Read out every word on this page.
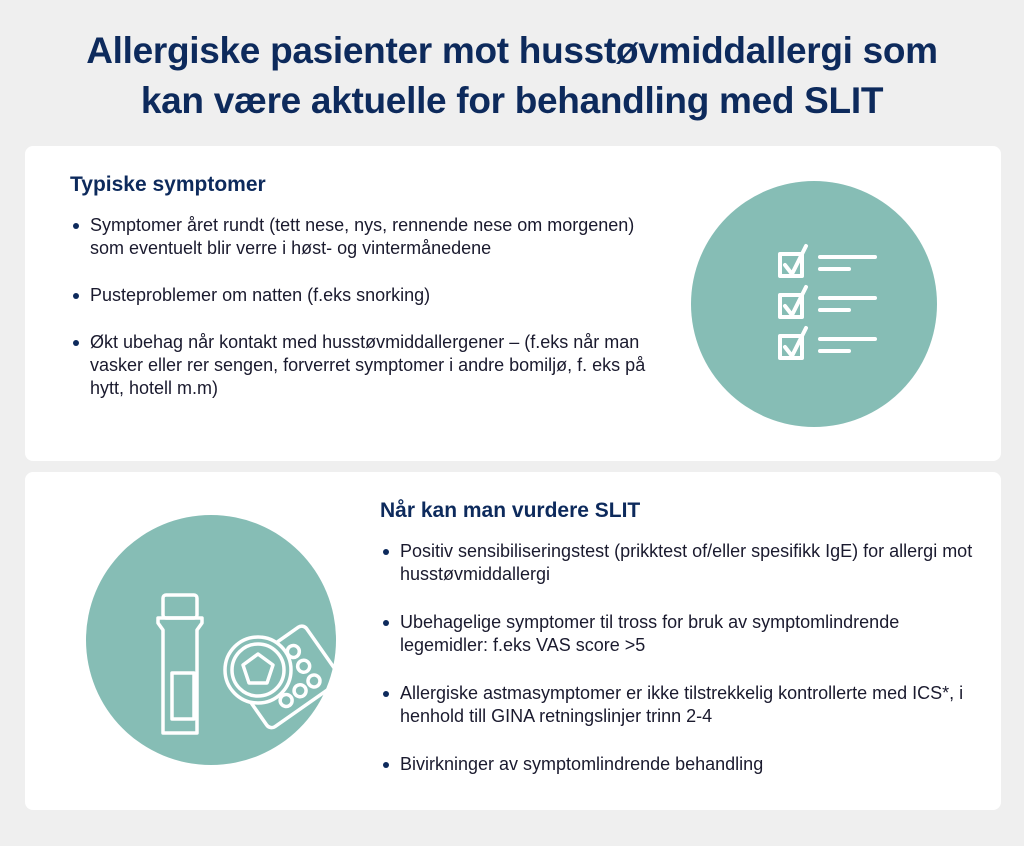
Allergiske pasienter mot husstøvmiddallergi som
kan være aktuelle for behandling med SLIT
Typiske symptomer
Symptomer året rundt (tett nese, nys, rennende nese om morgenen) som eventuelt blir verre i høst- og vintermånedene
Pusteproblemer om natten (f.eks snorking)
Økt ubehag når kontakt med husstøvmiddallergener – (f.eks når man vasker eller rer sengen, forverret symptomer i andre bomiljø, f. eks på hytt, hotell m.m)
Når kan man vurdere SLIT
Positiv sensibiliseringstest (prikktest of/eller spesifikk IgE) for allergi mot husstøvmiddallergi
Ubehagelige symptomer til tross for bruk av symptomlindrende legemidler: f.eks VAS score >5
Allergiske astmasymptomer er ikke tilstrekkelig kontrollerte med ICS*, i henhold till GINA retningslinjer trinn 2-4
Bivirkninger av symptomlindrende behandling
